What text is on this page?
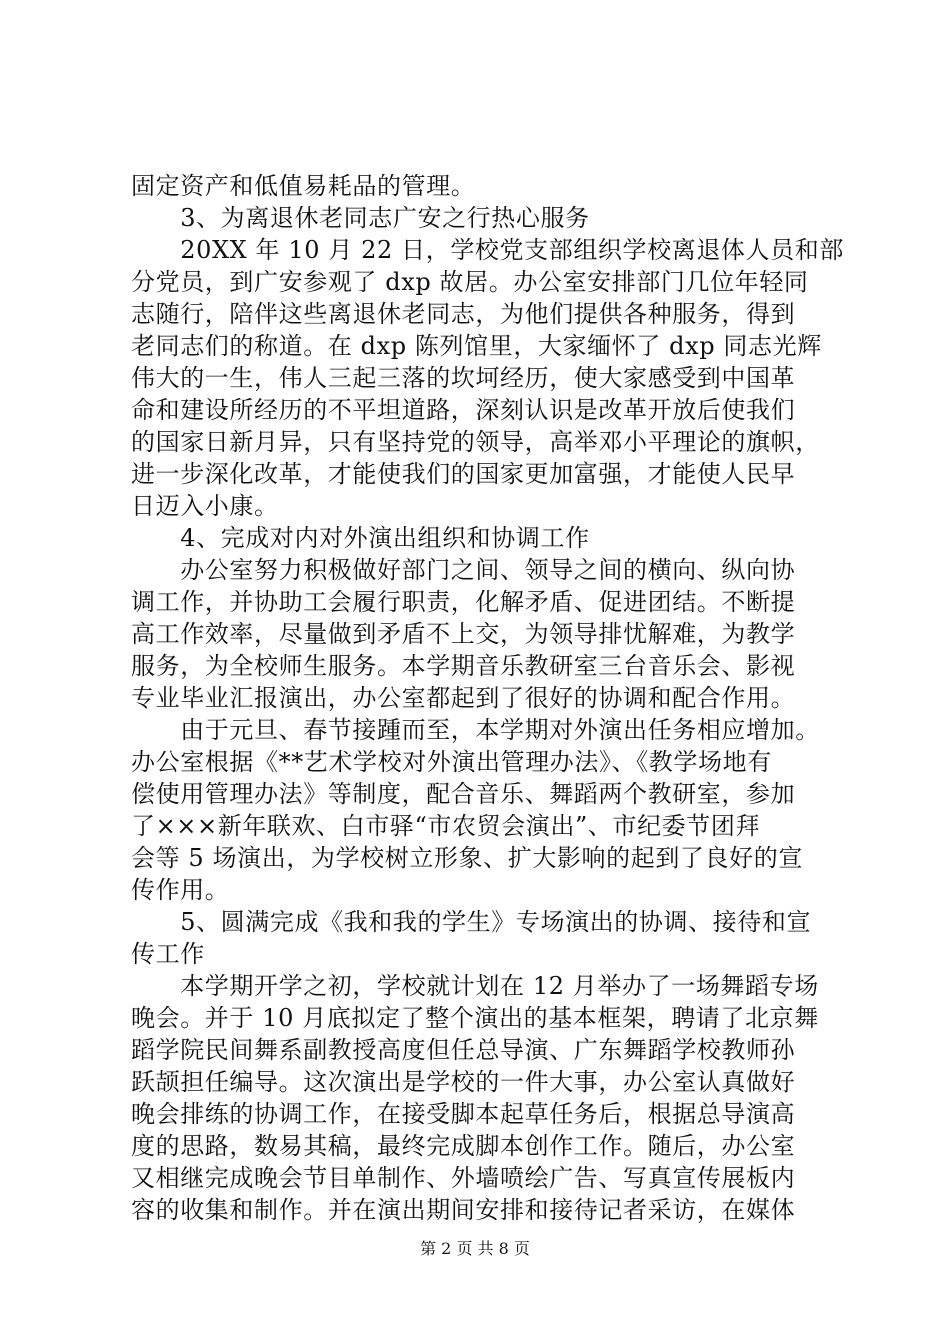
固定资产和低值易耗品的管理。
　　3、为离退休老同志广安之行热心服务
　　20XX 年 10 月 22 日，学校党支部组织学校离退体人员和部
分党员，到广安参观了 dxp 故居。办公室安排部门几位年轻同
志随行，陪伴这些离退休老同志，为他们提供各种服务，得到
老同志们的称道。在 dxp 陈列馆里，大家缅怀了 dxp 同志光辉
伟大的一生，伟人三起三落的坎坷经历，使大家感受到中国革
命和建设所经历的不平坦道路，深刻认识是改革开放后使我们
的国家日新月异，只有坚持党的领导，高举邓小平理论的旗帜，
进一步深化改革，才能使我们的国家更加富强，才能使人民早
日迈入小康。
　　4、完成对内对外演出组织和协调工作
　　办公室努力积极做好部门之间、领导之间的横向、纵向协
调工作，并协助工会履行职责，化解矛盾、促进团结。不断提
高工作效率，尽量做到矛盾不上交，为领导排忧解难，为教学
服务，为全校师生服务。本学期音乐教研室三台音乐会、影视
专业毕业汇报演出，办公室都起到了很好的协调和配合作用。
　　由于元旦、春节接踵而至，本学期对外演出任务相应增加。
办公室根据《**艺术学校对外演出管理办法》、《教学场地有
偿使用管理办法》等制度，配合音乐、舞蹈两个教研室，参加
了×××新年联欢、白市驿“市农贸会演出”、市纪委节团拜
会等 5 场演出，为学校树立形象、扩大影响的起到了良好的宣
传作用。
　　5、圆满完成《我和我的学生》专场演出的协调、接待和宣
传工作
　　本学期开学之初，学校就计划在 12 月举办了一场舞蹈专场
晚会。并于 10 月底拟定了整个演出的基本框架，聘请了北京舞
蹈学院民间舞系副教授高度但任总导演、广东舞蹈学校教师孙
跃颉担任编导。这次演出是学校的一件大事，办公室认真做好
晚会排练的协调工作，在接受脚本起草任务后，根据总导演高
度的思路，数易其稿，最终完成脚本创作工作。随后，办公室
又相继完成晚会节目单制作、外墙喷绘广告、写真宣传展板内
容的收集和制作。并在演出期间安排和接待记者采访，在媒体
第 2 页 共 8 页
